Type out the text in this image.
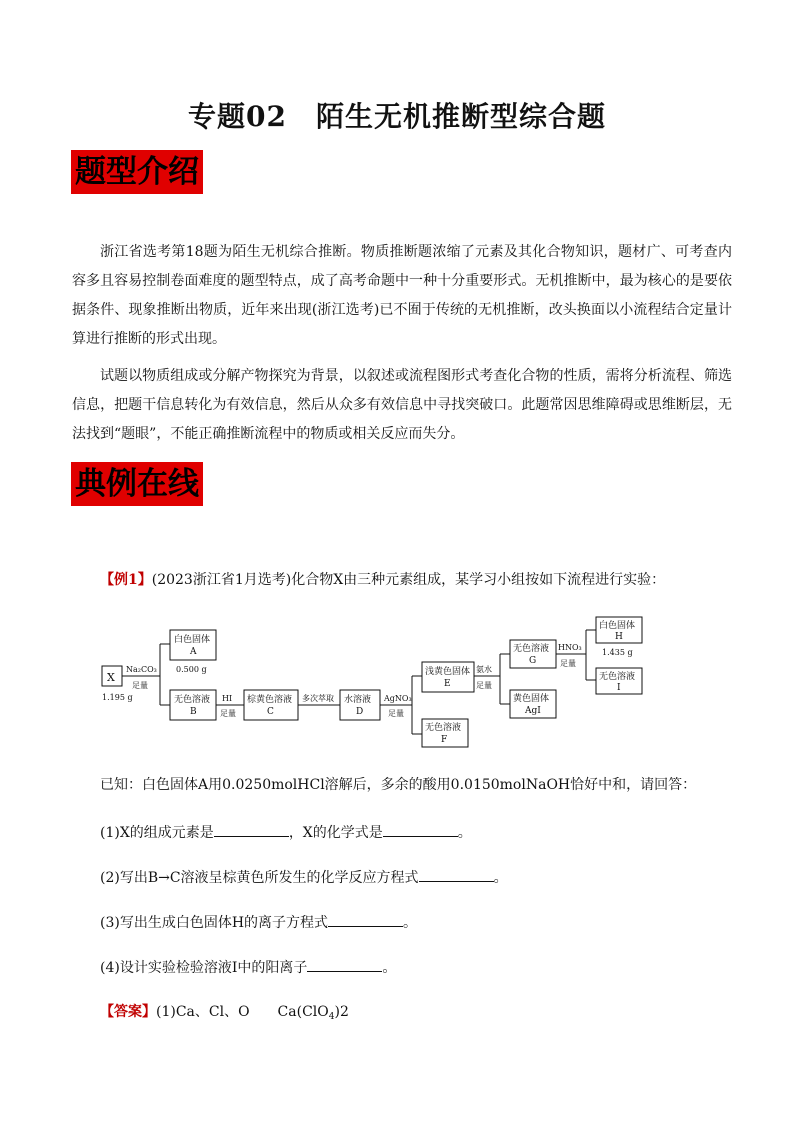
专题02　陌生无机推断型综合题
题型介绍

浙江省选考第18题为陌生无机综合推断。物质推断题浓缩了元素及其化合物知识，题材广、可考查内容多且容易控制卷面难度的题型特点，成了高考命题中一种十分重要形式。无机推断中，最为核心的是要依据条件、现象推断出物质，近年来出现(浙江选考)已不囿于传统的无机推断，改头换面以小流程结合定量计算进行推断的形式出现。

试题以物质组成或分解产物探究为背景，以叙述或流程图形式考查化合物的性质，需将分析流程、筛选信息，把题干信息转化为有效信息，然后从众多有效信息中寻找突破口。此题常因思维障碍或思维断层，无法找到“题眼”，不能正确推断流程中的物质或相关反应而失分。

典例在线
【例1】(2023浙江省1月选考)化合物X由三种元素组成，某学习小组按如下流程进行实验：
X
1.195 g
Na₂CO₃
足量
白色固体
A
0.500 g
无色溶液
B
HI
足量
棕黄色溶液
C
多次萃取 水溶液
D
AgNO₃
足量
浅黄色固体
E
无色溶液
F
氨水
足量
无色溶液
G
黄色固体
AgI
HNO₃
足量
白色固体
H
1.435 g
无色溶液
I
已知：白色固体A用0.0250molHCl溶解后，多余的酸用0.0150molNaOH恰好中和，请回答：
(1)X的组成元素是	，X的化学式是	。
(2)写出B→C溶液呈棕黄色所发生的化学反应方程式	。
(3)写出生成白色固体H的离子方程式	。
(4)设计实验检验溶液I中的阳离子	。
【答案】(1)Ca、Cl、O　　Ca(ClO$_4$)2
